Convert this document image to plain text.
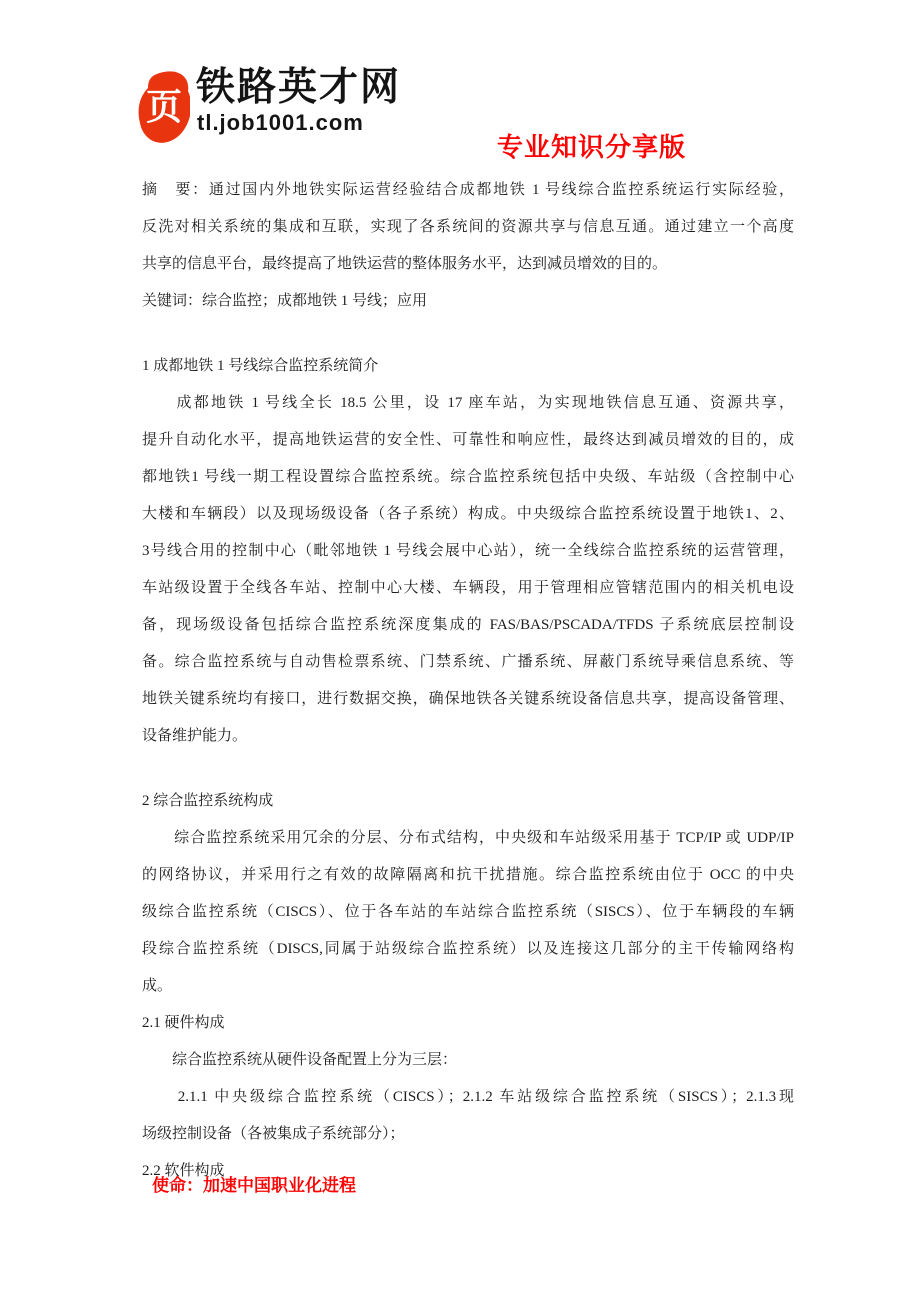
页 铁路英才网
tl.job1001.com
专业知识分享版
摘　要：通过国内外地铁实际运营经验结合成都地铁 1 号线综合监控系统运行实际经验，
反洗对相关系统的集成和互联，实现了各系统间的资源共享与信息互通。通过建立一个高度
共享的信息平台，最终提高了地铁运营的整体服务水平，达到减员增效的目的。
关键词：综合监控；成都地铁 1 号线；应用
1 成都地铁 1 号线综合监控系统简介
　　成都地铁 1 号线全长 18.5 公里，设 17 座车站，为实现地铁信息互通、资源共享，
提升自动化水平，提高地铁运营的安全性、可靠性和响应性，最终达到减员增效的目的，成
都地铁1 号线一期工程设置综合监控系统。综合监控系统包括中央级、车站级（含控制中心
大楼和车辆段）以及现场级设备（各子系统）构成。中央级综合监控系统设置于地铁1、2、
3号线合用的控制中心（毗邻地铁 1 号线会展中心站），统一全线综合监控系统的运营管理，
车站级设置于全线各车站、控制中心大楼、车辆段，用于管理相应管辖范围内的相关机电设
备，现场级设备包括综合监控系统深度集成的 FAS/BAS/PSCADA/TFDS 子系统底层控制设
备。综合监控系统与自动售检票系统、门禁系统、广播系统、屏蔽门系统导乘信息系统、等
地铁关键系统均有接口，进行数据交换，确保地铁各关键系统设备信息共享，提高设备管理、
设备维护能力。
2 综合监控系统构成
　　综合监控系统采用冗余的分层、分布式结构，中央级和车站级采用基于 TCP/IP 或 UDP/IP
的网络协议，并采用行之有效的故障隔离和抗干扰措施。综合监控系统由位于 OCC 的中央
级综合监控系统（CISCS）、位于各车站的车站综合监控系统（SISCS）、位于车辆段的车辆
段综合监控系统（DISCS,同属于站级综合监控系统）以及连接这几部分的主干传输网络构
成。
2.1 硬件构成
　　综合监控系统从硬件设备配置上分为三层：
　　2.1.1 中央级综合监控系统（CISCS）；2.1.2 车站级综合监控系统（SISCS）；2.1.3现
场级控制设备（各被集成子系统部分）；
2.2 软件构成
使命：加速中国职业化进程
